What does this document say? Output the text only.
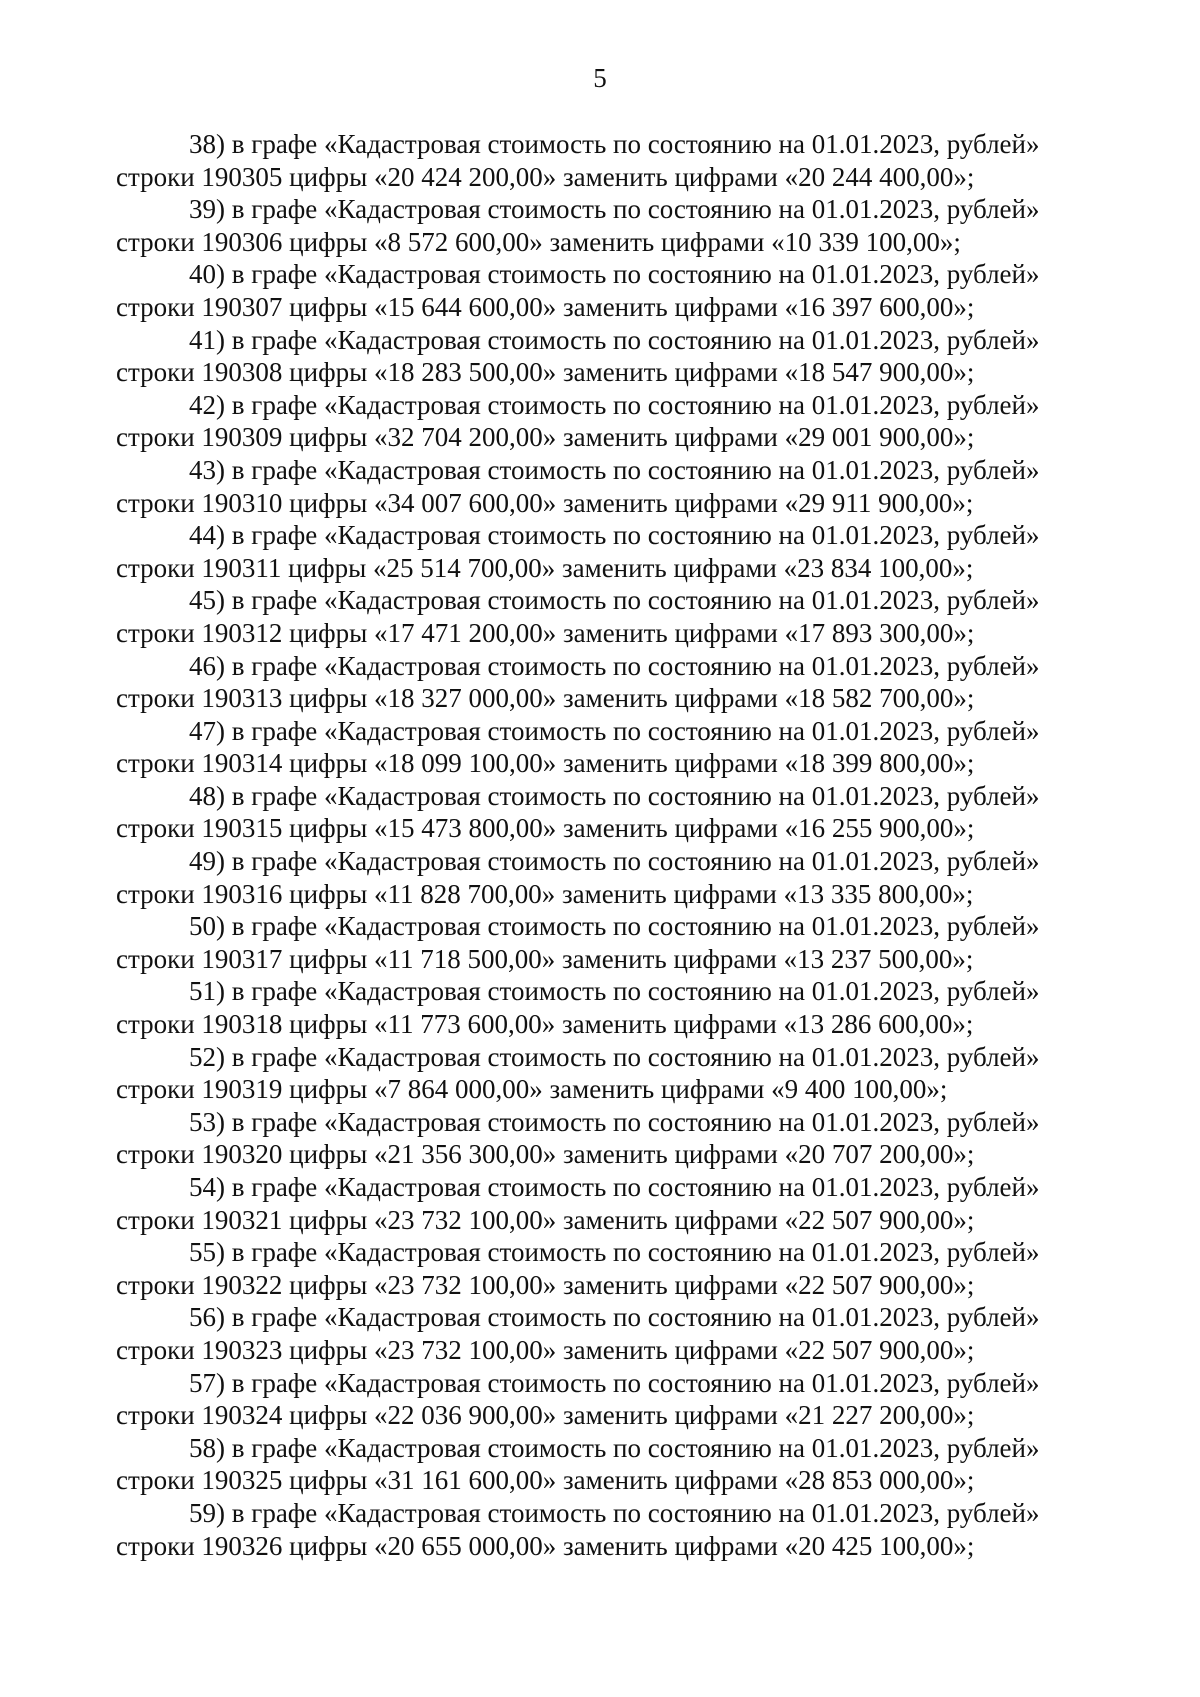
5
38) в графе «Кадастровая стоимость по состоянию на 01.01.2023, рублей»
строки 190305 цифры «20 424 200,00» заменить цифрами «20 244 400,00»;
39) в графе «Кадастровая стоимость по состоянию на 01.01.2023, рублей»
строки 190306 цифры «8 572 600,00» заменить цифрами «10 339 100,00»;
40) в графе «Кадастровая стоимость по состоянию на 01.01.2023, рублей»
строки 190307 цифры «15 644 600,00» заменить цифрами «16 397 600,00»;
41) в графе «Кадастровая стоимость по состоянию на 01.01.2023, рублей»
строки 190308 цифры «18 283 500,00» заменить цифрами «18 547 900,00»;
42) в графе «Кадастровая стоимость по состоянию на 01.01.2023, рублей»
строки 190309 цифры «32 704 200,00» заменить цифрами «29 001 900,00»;
43) в графе «Кадастровая стоимость по состоянию на 01.01.2023, рублей»
строки 190310 цифры «34 007 600,00» заменить цифрами «29 911 900,00»;
44) в графе «Кадастровая стоимость по состоянию на 01.01.2023, рублей»
строки 190311 цифры «25 514 700,00» заменить цифрами «23 834 100,00»;
45) в графе «Кадастровая стоимость по состоянию на 01.01.2023, рублей»
строки 190312 цифры «17 471 200,00» заменить цифрами «17 893 300,00»;
46) в графе «Кадастровая стоимость по состоянию на 01.01.2023, рублей»
строки 190313 цифры «18 327 000,00» заменить цифрами «18 582 700,00»;
47) в графе «Кадастровая стоимость по состоянию на 01.01.2023, рублей»
строки 190314 цифры «18 099 100,00» заменить цифрами «18 399 800,00»;
48) в графе «Кадастровая стоимость по состоянию на 01.01.2023, рублей»
строки 190315 цифры «15 473 800,00» заменить цифрами «16 255 900,00»;
49) в графе «Кадастровая стоимость по состоянию на 01.01.2023, рублей»
строки 190316 цифры «11 828 700,00» заменить цифрами «13 335 800,00»;
50) в графе «Кадастровая стоимость по состоянию на 01.01.2023, рублей»
строки 190317 цифры «11 718 500,00» заменить цифрами «13 237 500,00»;
51) в графе «Кадастровая стоимость по состоянию на 01.01.2023, рублей»
строки 190318 цифры «11 773 600,00» заменить цифрами «13 286 600,00»;
52) в графе «Кадастровая стоимость по состоянию на 01.01.2023, рублей»
строки 190319 цифры «7 864 000,00» заменить цифрами «9 400 100,00»;
53) в графе «Кадастровая стоимость по состоянию на 01.01.2023, рублей»
строки 190320 цифры «21 356 300,00» заменить цифрами «20 707 200,00»;
54) в графе «Кадастровая стоимость по состоянию на 01.01.2023, рублей»
строки 190321 цифры «23 732 100,00» заменить цифрами «22 507 900,00»;
55) в графе «Кадастровая стоимость по состоянию на 01.01.2023, рублей»
строки 190322 цифры «23 732 100,00» заменить цифрами «22 507 900,00»;
56) в графе «Кадастровая стоимость по состоянию на 01.01.2023, рублей»
строки 190323 цифры «23 732 100,00» заменить цифрами «22 507 900,00»;
57) в графе «Кадастровая стоимость по состоянию на 01.01.2023, рублей»
строки 190324 цифры «22 036 900,00» заменить цифрами «21 227 200,00»;
58) в графе «Кадастровая стоимость по состоянию на 01.01.2023, рублей»
строки 190325 цифры «31 161 600,00» заменить цифрами «28 853 000,00»;
59) в графе «Кадастровая стоимость по состоянию на 01.01.2023, рублей»
строки 190326 цифры «20 655 000,00» заменить цифрами «20 425 100,00»;
